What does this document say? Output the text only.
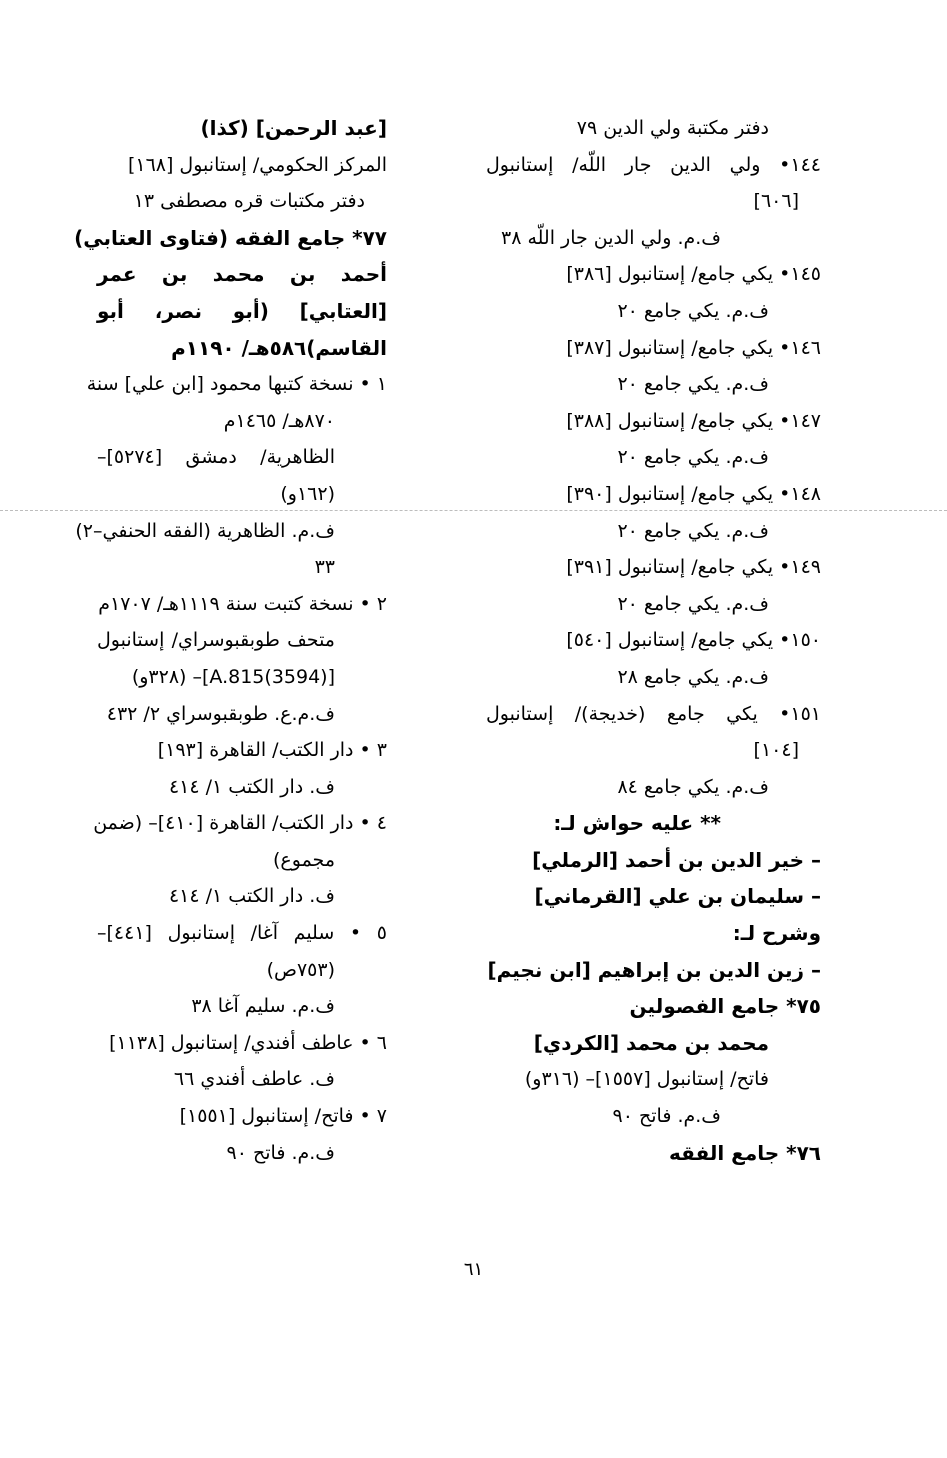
دفتر مكتبة ولي الدين ٧٩
١٤٤• ولي الدين جار اللّه/ إستانبول
[٦٠٦]
ف.م. ولي الدين جار اللّه ٣٨
١٤٥• يكي جامع/ إستانبول [٣٨٦]
ف.م. يكي جامع ٢٠
١٤٦• يكي جامع/ إستانبول [٣٨٧]
ف.م. يكي جامع ٢٠
١٤٧• يكي جامع/ إستانبول [٣٨٨]
ف.م. يكي جامع ٢٠
١٤٨• يكي جامع/ إستانبول [٣٩٠]
ف.م. يكي جامع ٢٠
١٤٩• يكي جامع/ إستانبول [٣٩١]
ف.م. يكي جامع ٢٠
١٥٠• يكي جامع/ إستانبول [٥٤٠]
ف.م. يكي جامع ٢٨
١٥١• يكي جامع (خديجة)/ إستانبول
[١٠٤]
ف.م. يكي جامع ٨٤
** عليه حواش لـ:
– خير الدين بن أحمد [الرملي]
– سليمان بن علي [القرماني]
وشرح لـ:
– زين الدين بن إبراهيم [ابن نجيم]
٧٥* جامع الفصولين
محمد بن محمد [الكردي]
فاتح/ إستانبول [١٥٥٧]– (٣١٦و)
ف.م. فاتح ٩٠
٧٦* جامع الفقه
[عبد الرحمن] (كذا)
المركز الحكومي/ إستانبول [١٦٨]
دفتر مكتبات قره مصطفى ١٣
٧٧* جامع الفقه (فتاوى العتابي)
أحمد بن محمد بن عمر
[العتابي] (أبو نصر، أبو
القاسم)٥٨٦هـ/ ١١٩٠م
١ • نسخة كتبها محمود [ابن علي] سنة
٨٧٠هـ/ ١٤٦٥م
الظاهرية/ دمشق [٥٢٧٤]–
(١٦٢و)
ف.م. الظاهرية (الفقه الحنفي–٢)
٣٣
٢ • نسخة كتبت سنة ١١١٩هـ/ ١٧٠٧م
متحف طوبقبوسراي/ إستانبول
[(3594)A.815]– (٣٢٨و)
ف.م.ع. طوبقبوسراي ٢/ ٤٣٢
٣ • دار الكتب/ القاهرة [١٩٣]
ف. دار الكتب ١/ ٤١٤
٤ • دار الكتب/ القاهرة [٤١٠]– (ضمن
مجموع)
ف. دار الكتب ١/ ٤١٤
٥ • سليم آغا/ إستانبول [٤٤١]–
(٧٥٣ص)
ف.م. سليم آغا ٣٨
٦ • عاطف أفندي/ إستانبول [١١٣٨]
ف. عاطف أفندي ٦٦
٧ • فاتح/ إستانبول [١٥٥١]
ف.م. فاتح ٩٠
٦١
